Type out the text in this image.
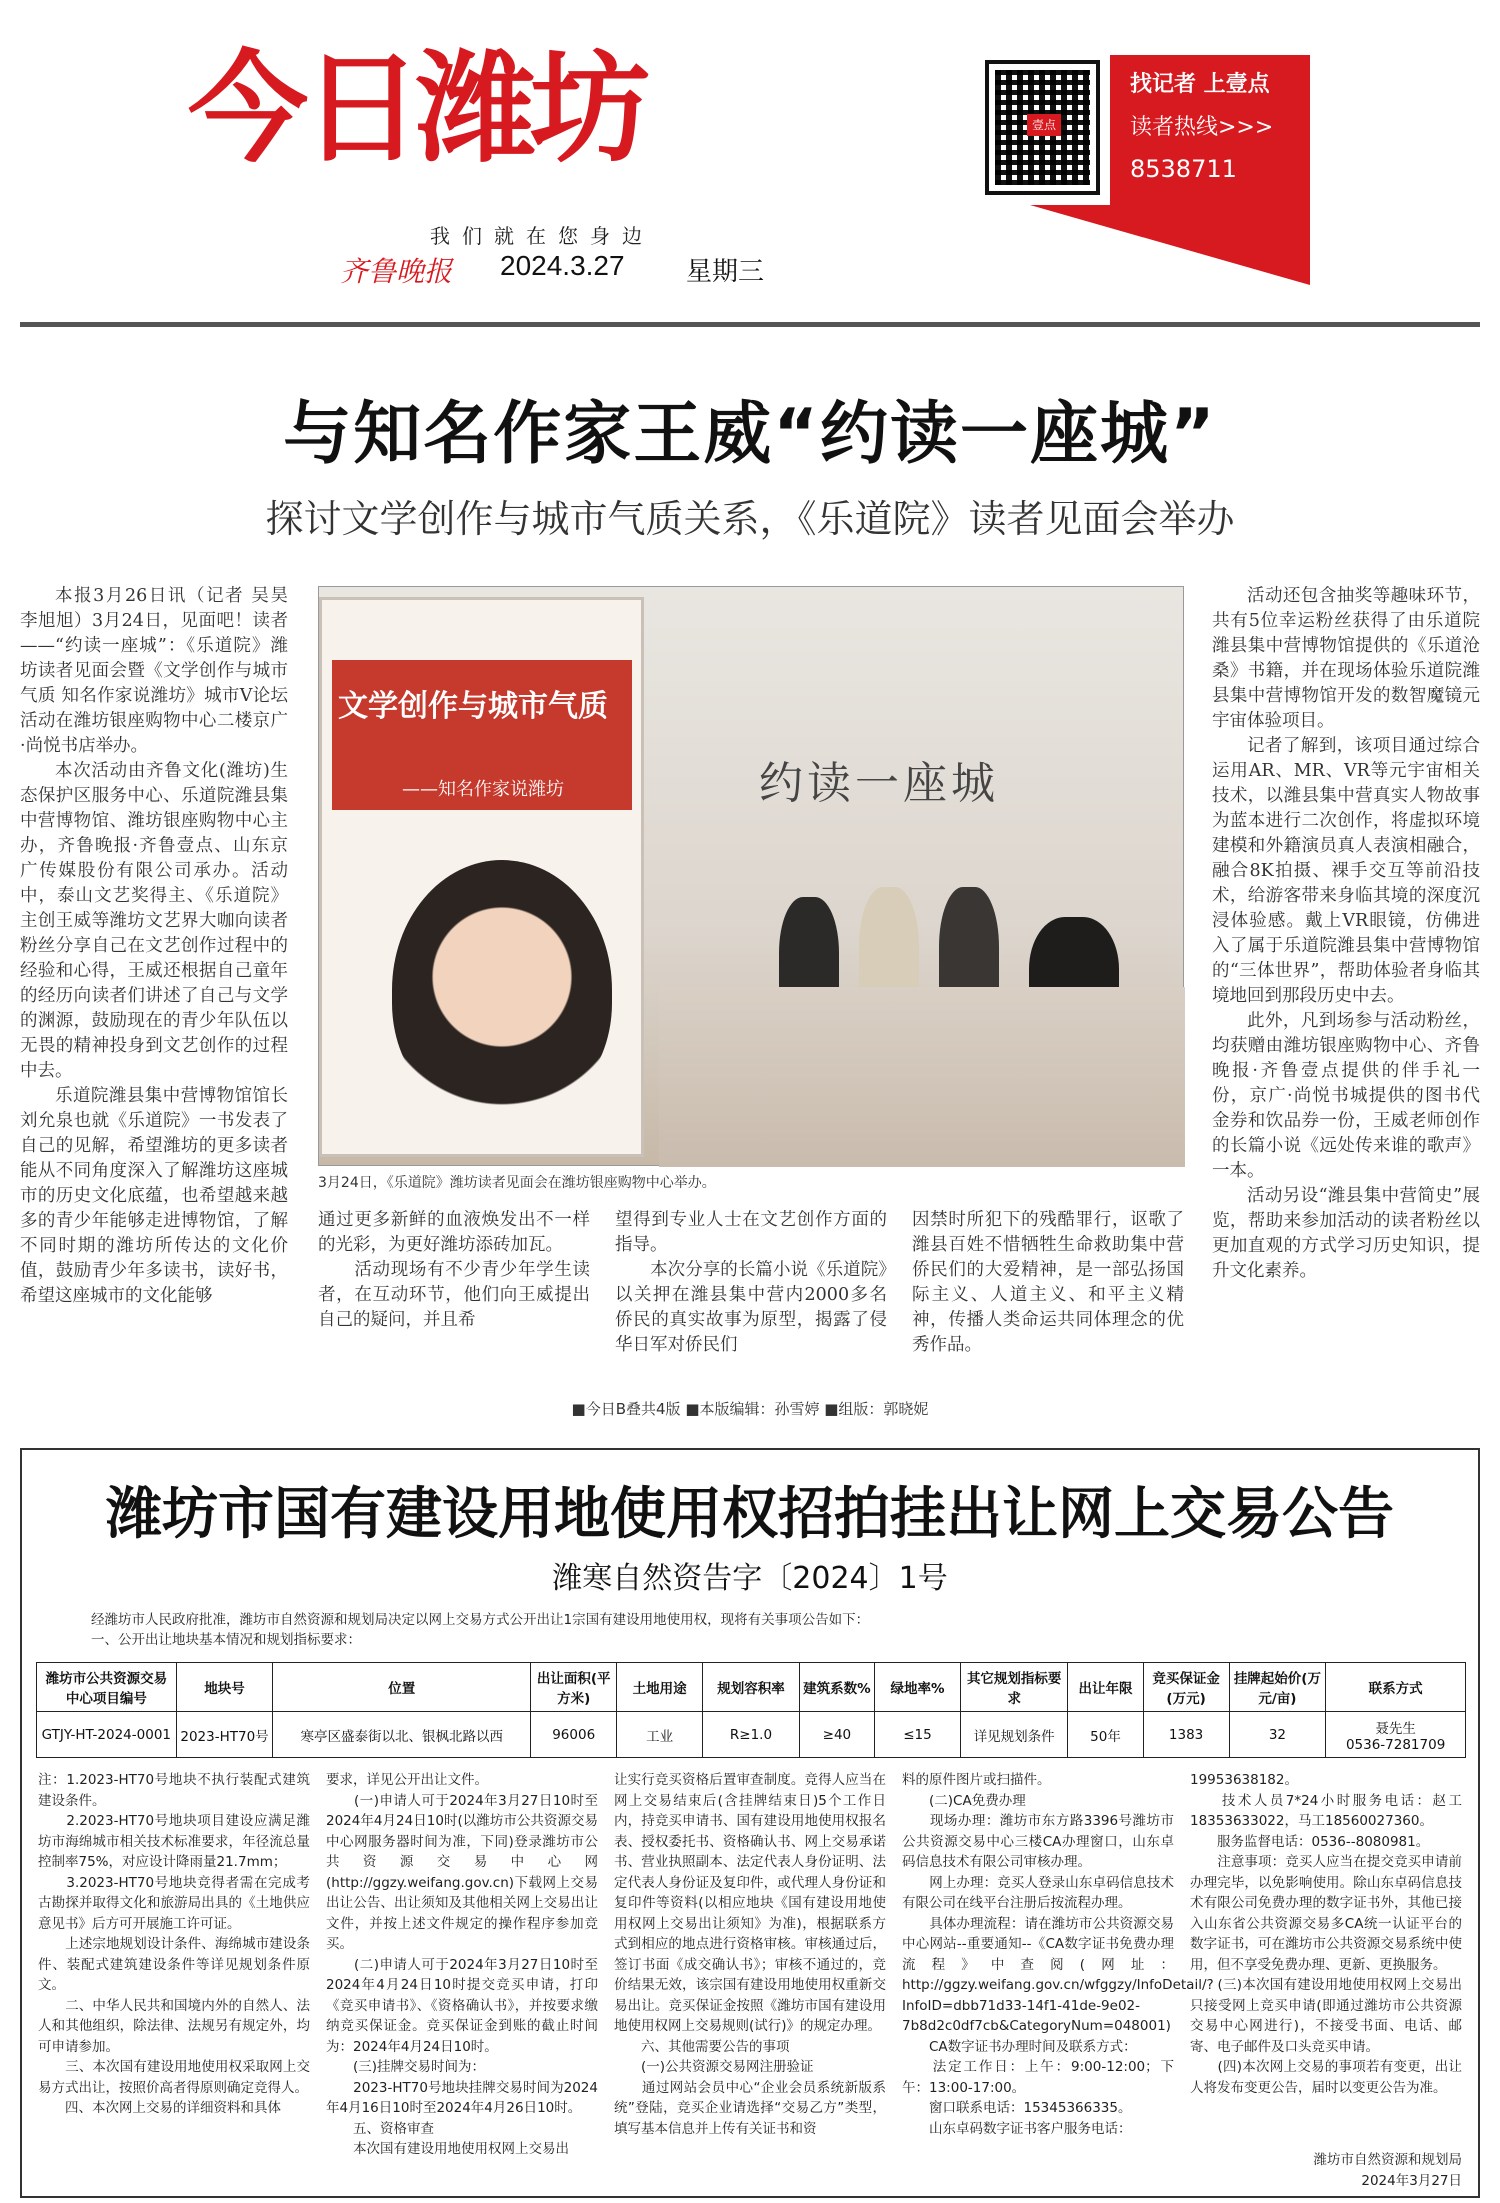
今日潍坊
我们就在您身边
齐鲁晚报 2024.3.27 星期三
壹点
找记者 上壹点
读者热线>>>
8538711
与知名作家王威“约读一座城”
探讨文学创作与城市气质关系，《乐道院》读者见面会举办

本报3月26日讯（记者 吴昊 李旭旭）3月24日，见面吧！读者——“约读一座城”：《乐道院》潍坊读者见面会暨《文学创作与城市气质 知名作家说潍坊》城市V论坛活动在潍坊银座购物中心二楼京广·尚悦书店举办。

本次活动由齐鲁文化(潍坊)生态保护区服务中心、乐道院潍县集中营博物馆、潍坊银座购物中心主办，齐鲁晚报·齐鲁壹点、山东京广传媒股份有限公司承办。活动中，泰山文艺奖得主、《乐道院》主创王威等潍坊文艺界大咖向读者粉丝分享自己在文艺创作过程中的经验和心得，王威还根据自己童年的经历向读者们讲述了自己与文学的渊源，鼓励现在的青少年队伍以无畏的精神投身到文艺创作的过程中去。

乐道院潍县集中营博物馆馆长刘允泉也就《乐道院》一书发表了自己的见解，希望潍坊的更多读者能从不同角度深入了解潍坊这座城市的历史文化底蕴，也希望越来越多的青少年能够走进博物馆，了解不同时期的潍坊所传达的文化价值，鼓励青少年多读书，读好书，希望这座城市的文化能够

文学创作与城市气质
——知名作家说潍坊	约读一座城
3月24日，《乐道院》潍坊读者见面会在潍坊银座购物中心举办。
通过更多新鲜的血液焕发出不一样的光彩，为更好潍坊添砖加瓦。
　　活动现场有不少青少年学生读者，在互动环节，他们向王威提出自己的疑问，并且希
望得到专业人士在文艺创作方面的指导。
　　本次分享的长篇小说《乐道院》以关押在潍县集中营内2000多名侨民的真实故事为原型，揭露了侵华日军对侨民们
因禁时所犯下的残酷罪行，讴歌了潍县百姓不惜牺牲生命救助集中营侨民们的大爱精神，是一部弘扬国际主义、人道主义、和平主义精神，传播人类命运共同体理念的优秀作品。

活动还包含抽奖等趣味环节，共有5位幸运粉丝获得了由乐道院潍县集中营博物馆提供的《乐道沧桑》书籍，并在现场体验乐道院潍县集中营博物馆开发的数智魔镜元宇宙体验项目。

记者了解到，该项目通过综合运用AR、MR、VR等元宇宙相关技术，以潍县集中营真实人物故事为蓝本进行二次创作，将虚拟环境建模和外籍演员真人表演相融合，融合8K拍摄、裸手交互等前沿技术，给游客带来身临其境的深度沉浸体验感。戴上VR眼镜，仿佛进入了属于乐道院潍县集中营博物馆的“三体世界”，帮助体验者身临其境地回到那段历史中去。

此外，凡到场参与活动粉丝，均获赠由潍坊银座购物中心、齐鲁晚报·齐鲁壹点提供的伴手礼一份，京广·尚悦书城提供的图书代金券和饮品券一份，王威老师创作的长篇小说《远处传来谁的歌声》一本。

活动另设“潍县集中营简史”展览，帮助来参加活动的读者粉丝以更加直观的方式学习历史知识，提升文化素养。

■今日B叠共4版 ■本版编辑：孙雪婷 ■组版：郭晓妮
潍坊市国有建设用地使用权招拍挂出让网上交易公告
潍寒自然资告字〔2024〕1号
经潍坊市人民政府批准，潍坊市自然资源和规划局决定以网上交易方式公开出让1宗国有建设用地使用权，现将有关事项公告如下：
一、公开出让地块基本情况和规划指标要求：
潍坊市公共资源交易中心项目编号	地块号	位置	出让面积(平方米)	土地用途	规划容积率	建筑系数%	绿地率%	其它规划指标要求	出让年限	竞买保证金(万元)	挂牌起始价(万元/亩)	联系方式
GTJY-HT-2024-0001	2023-HT70号	寒亭区盛泰街以北、银枫北路以西	96006	工业	R≥1.0	≥40	≤15	详见规划条件	50年	1383	32	聂先生
0536-7281709
注：1.2023-HT70号地块不执行装配式建筑建设条件。
　　2.2023-HT70号地块项目建设应满足潍坊市海绵城市相关技术标准要求，年径流总量控制率75%，对应设计降雨量21.7mm；
　　3.2023-HT70号地块竞得者需在完成考古勘探并取得文化和旅游局出具的《土地供应意见书》后方可开展施工许可证。
　　上述宗地规划设计条件、海绵城市建设条件、装配式建筑建设条件等详见规划条件原文。
　　二、中华人民共和国境内外的自然人、法人和其他组织，除法律、法规另有规定外，均可申请参加。
　　三、本次国有建设用地使用权采取网上交易方式出让，按照价高者得原则确定竞得人。
　　四、本次网上交易的详细资料和具体
要求，详见公开出让文件。
　　(一)申请人可于2024年3月27日10时至2024年4月24日10时(以潍坊市公共资源交易中心网服务器时间为准，下同)登录潍坊市公共资源交易中心网(http://ggzy.weifang.gov.cn)下载网上交易出让公告、出让须知及其他相关网上交易出让文件，并按上述文件规定的操作程序参加竞买。
　　(二)申请人可于2024年3月27日10时至2024年4月24日10时提交竞买申请，打印《竞买申请书》、《资格确认书》，并按要求缴纳竞买保证金。竞买保证金到账的截止时间为：2024年4月24日10时。
　　(三)挂牌交易时间为：
　　2023-HT70号地块挂牌交易时间为2024年4月16日10时至2024年4月26日10时。
　　五、资格审查
　　本次国有建设用地使用权网上交易出
让实行竞买资格后置审查制度。竞得人应当在网上交易结束后(含挂牌结束日)5个工作日内，持竞买申请书、国有建设用地使用权报名表、授权委托书、资格确认书、网上交易承诺书、营业执照副本、法定代表人身份证明、法定代表人身份证及复印件，或代理人身份证和复印件等资料(以相应地块《国有建设用地使用权网上交易出让须知》为准)，根据联系方式到相应的地点进行资格审核。审核通过后，签订书面《成交确认书》；审核不通过的，竞价结果无效，该宗国有建设用地使用权重新交易出让。竞买保证金按照《潍坊市国有建设用地使用权网上交易规则(试行)》的规定办理。
　　六、其他需要公告的事项
　　(一)公共资源交易网注册验证
　　通过网站会员中心“企业会员系统新版系统”登陆，竞买企业请选择“交易乙方”类型，填写基本信息并上传有关证书和资
料的原件图片或扫描件。
　　(二)CA免费办理
　　现场办理：潍坊市东方路3396号潍坊市公共资源交易中心三楼CA办理窗口，山东卓码信息技术有限公司审核办理。
　　网上办理：竞买人登录山东卓码信息技术有限公司在线平台注册后按流程办理。
　　具体办理流程：请在潍坊市公共资源交易中心网站--重要通知--《CA数字证书免费办理流程》中查阅(网址：http://ggzy.weifang.gov.cn/wfggzy/InfoDetail/?InfoID=dbb71d33-14f1-41de-9e02-7b8d2c0df7cb&CategoryNum=048001)
　　CA数字证书办理时间及联系方式：
　　法定工作日：上午：9:00-12:00；下午：13:00-17:00。
　　窗口联系电话：15345366335。
　　山东卓码数字证书客户服务电话：
19953638182。
　　技术人员7*24小时服务电话：赵工18353633022，马工18560027360。
　　服务监督电话：0536--8080981。
　　注意事项：竞买人应当在提交竞买申请前办理完毕，以免影响使用。除山东卓码信息技术有限公司免费办理的数字证书外，其他已接入山东省公共资源交易多CA统一认证平台的数字证书，可在潍坊市公共资源交易系统中使用，但不享受免费办理、更新、更换服务。
　　(三)本次国有建设用地使用权网上交易出只接受网上竞买申请(即通过潍坊市公共资源交易中心网进行)，不接受书面、电话、邮寄、电子邮件及口头竞买申请。
　　(四)本次网上交易的事项若有变更，出让人将发布变更公告，届时以变更公告为准。
潍坊市自然资源和规划局
2024年3月27日
